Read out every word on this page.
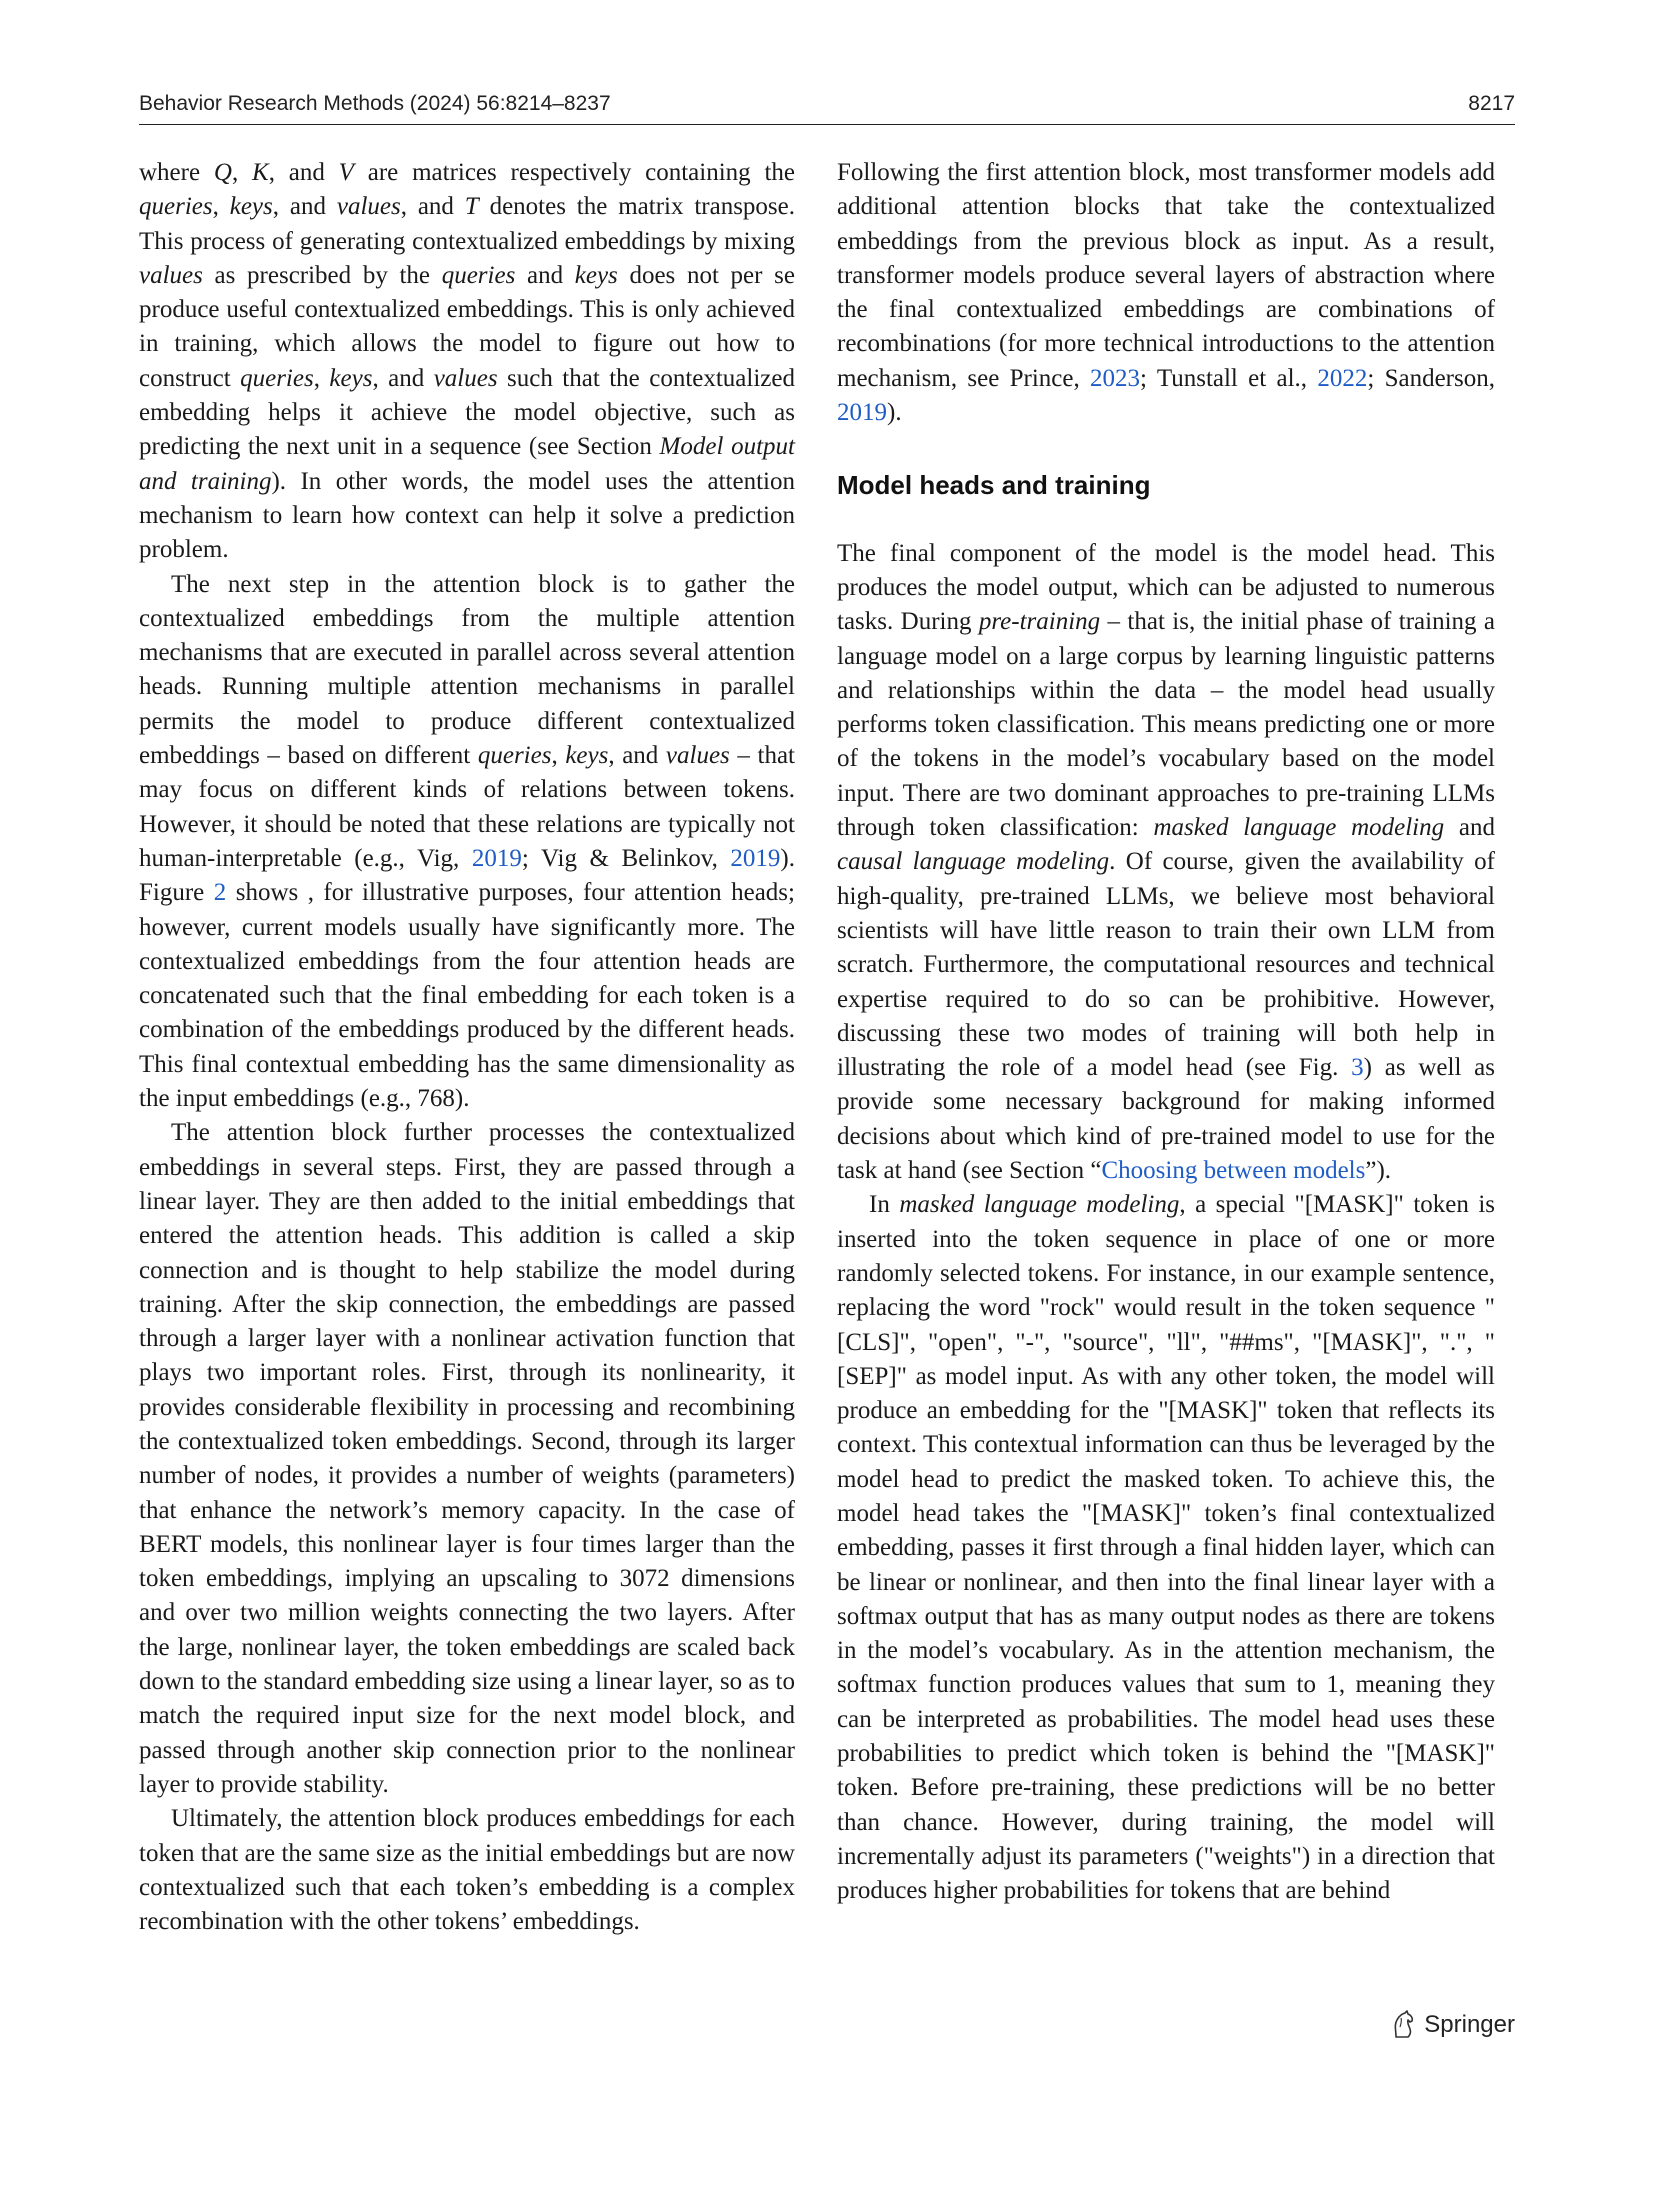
Behavior Research Methods (2024) 56:8214–8237	8217

where Q, K, and V are matrices respectively containing the queries, keys, and values, and T denotes the matrix transpose. This process of generating contextualized embeddings by mixing values as prescribed by the queries and keys does not per se produce useful contextualized embeddings. This is only achieved in training, which allows the model to figure out how to construct queries, keys, and values such that the contextualized embedding helps it achieve the model objective, such as predicting the next unit in a sequence (see Section Model output and training). In other words, the model uses the attention mechanism to learn how context can help it solve a prediction problem.

The next step in the attention block is to gather the contextualized embeddings from the multiple attention mechanisms that are executed in parallel across several attention heads. Running multiple attention mechanisms in parallel permits the model to produce different contextualized embeddings – based on different queries, keys, and values – that may focus on different kinds of relations between tokens. However, it should be noted that these relations are typically not human-interpretable (e.g., Vig, 2019; Vig & Belinkov, 2019). Figure 2 shows , for illustrative purposes, four attention heads; however, current models usually have significantly more. The contextualized embeddings from the four attention heads are concatenated such that the final embedding for each token is a combination of the embeddings produced by the different heads. This final contextual embedding has the same dimensionality as the input embeddings (e.g., 768).

The attention block further processes the contextualized embeddings in several steps. First, they are passed through a linear layer. They are then added to the initial embeddings that entered the attention heads. This addition is called a skip connection and is thought to help stabilize the model during training. After the skip connection, the embeddings are passed through a larger layer with a nonlinear activation function that plays two important roles. First, through its nonlinearity, it provides considerable flexibility in processing and recombining the contextualized token embeddings. Second, through its larger number of nodes, it provides a number of weights (parameters) that enhance the network’s memory capacity. In the case of BERT models, this nonlinear layer is four times larger than the token embeddings, implying an upscaling to 3072 dimensions and over two million weights connecting the two layers. After the large, nonlinear layer, the token embeddings are scaled back down to the standard embedding size using a linear layer, so as to match the required input size for the next model block, and passed through another skip connection prior to the nonlinear layer to provide stability.

Ultimately, the attention block produces embeddings for each token that are the same size as the initial embeddings but are now contextualized such that each token’s embedding is a complex recombination with the other tokens’ embeddings.

Following the first attention block, most transformer models add additional attention blocks that take the contextualized embeddings from the previous block as input. As a result, transformer models produce several layers of abstraction where the final contextualized embeddings are combinations of recombinations (for more technical introductions to the attention mechanism, see Prince, 2023; Tunstall et al., 2022; Sanderson, 2019).

Model heads and training

The final component of the model is the model head. This produces the model output, which can be adjusted to numerous tasks. During pre-training – that is, the initial phase of training a language model on a large corpus by learning linguistic patterns and relationships within the data – the model head usually performs token classification. This means predicting one or more of the tokens in the model’s vocabulary based on the model input. There are two dominant approaches to pre-training LLMs through token classification: masked language modeling and causal language modeling. Of course, given the availability of high-quality, pre-trained LLMs, we believe most behavioral scientists will have little reason to train their own LLM from scratch. Furthermore, the computational resources and technical expertise required to do so can be prohibitive. However, discussing these two modes of training will both help in illustrating the role of a model head (see Fig. 3) as well as provide some necessary background for making informed decisions about which kind of pre-trained model to use for the task at hand (see Section “Choosing between models”).

In masked language modeling, a special "[MASK]" token is inserted into the token sequence in place of one or more randomly selected tokens. For instance, in our example sentence, replacing the word "rock" would result in the token sequence "[CLS]", "open", "-", "source", "ll", "##ms", "[MASK]", ".", "[SEP]" as model input. As with any other token, the model will produce an embedding for the "[MASK]" token that reflects its context. This contextual information can thus be leveraged by the model head to predict the masked token. To achieve this, the model head takes the "[MASK]" token’s final contextualized embedding, passes it first through a final hidden layer, which can be linear or nonlinear, and then into the final linear layer with a softmax output that has as many output nodes as there are tokens in the model’s vocabulary. As in the attention mechanism, the softmax function produces values that sum to 1, meaning they can be interpreted as probabilities. The model head uses these probabilities to predict which token is behind the "[MASK]" token. Before pre-training, these predictions will be no better than chance. However, during training, the model will incrementally adjust its parameters ("weights") in a direction that produces higher probabilities for tokens that are behind

Springer
